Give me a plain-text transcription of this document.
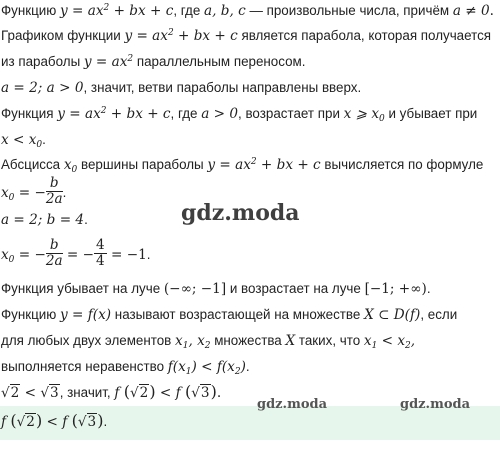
Функцию $y = ax^2$ + bx + c, где a, b, c — произвольные числа, причём a ≠ 0.
Графиком функции $y = ax^2$ + bx + c является парабола, которая получается
из параболы $y = ax^2$ параллельным переносом.
a = 2; a > 0, значит, ветви параболы направлены вверх.
Функция $y = ax^2$ + bx + c, где a > 0, возрастает при x ⩾ $x_0$ и убывает при
$x < x_0$.
Абсцисса $x_0$ вершины параболы $y = ax^2$ + bx + c вычисляется по формуле
$x_0$ = − $\frac{b}{2a}$ .
a = 2; b = 4.
$x_0$ = − $\frac{b}{2a}$ = − $\frac{4}{4} = -1$.
Функция убывает на луче (−∞; −1] и возрастает на луче [−1; +∞).
Функцию y = f(x) называют возрастающей на множестве X ⊂ D(f), если
для любых двух элементов $x_1$, $x_2$ множества X таких, что $x_1 < x_2$,
выполняется неравенство $f(x_1) < f(x_2)$.
√2 < √3, значит, f (√2) < f (√3).
f (√2) < f (√3).
gdz.moda
gdz.moda	gdz.moda
